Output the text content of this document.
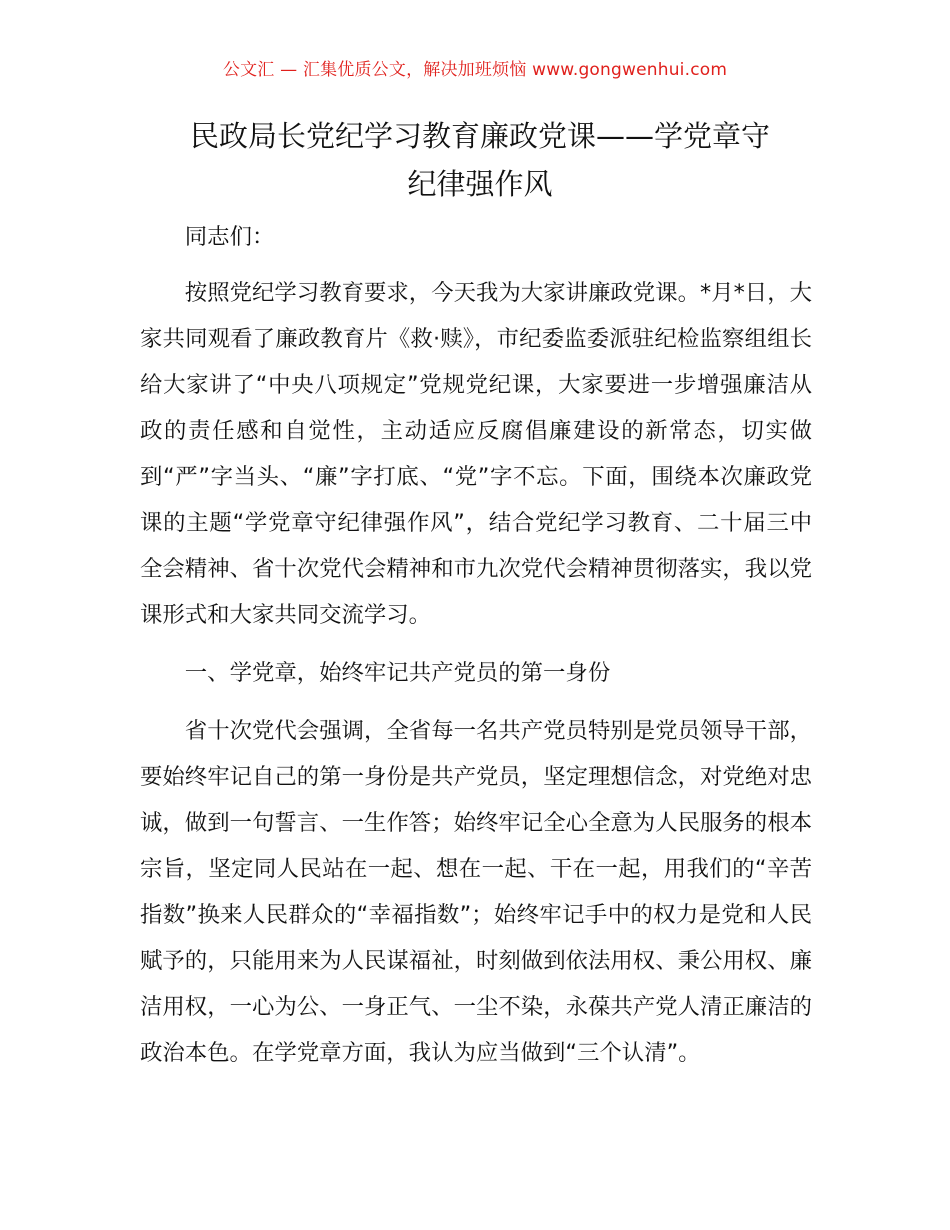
公文汇 — 汇集优质公文，解决加班烦恼 www.gongwenhui.com
民政局长党纪学习教育廉政党课——学党章守
纪律强作风

同志们：

按照党纪学习教育要求，今天我为大家讲廉政党课。*月*日，大家共同观看了廉政教育片《救·赎》，市纪委监委派驻纪检监察组组长给大家讲了“中央八项规定”党规党纪课，大家要进一步增强廉洁从政的责任感和自觉性，主动适应反腐倡廉建设的新常态，切实做到“严”字当头、“廉”字打底、“党”字不忘。下面，围绕本次廉政党课的主题“学党章守纪律强作风”，结合党纪学习教育、二十届三中全会精神、省十次党代会精神和市九次党代会精神贯彻落实，我以党课形式和大家共同交流学习。

一、学党章，始终牢记共产党员的第一身份

省十次党代会强调，全省每一名共产党员特别是党员领导干部，要始终牢记自己的第一身份是共产党员，坚定理想信念，对党绝对忠诚，做到一句誓言、一生作答；始终牢记全心全意为人民服务的根本宗旨，坚定同人民站在一起、想在一起、干在一起，用我们的“辛苦指数”换来人民群众的“幸福指数”；始终牢记手中的权力是党和人民赋予的，只能用来为人民谋福祉，时刻做到依法用权、秉公用权、廉洁用权，一心为公、一身正气、一尘不染，永葆共产党人清正廉洁的政治本色。在学党章方面，我认为应当做到“三个认清”。
